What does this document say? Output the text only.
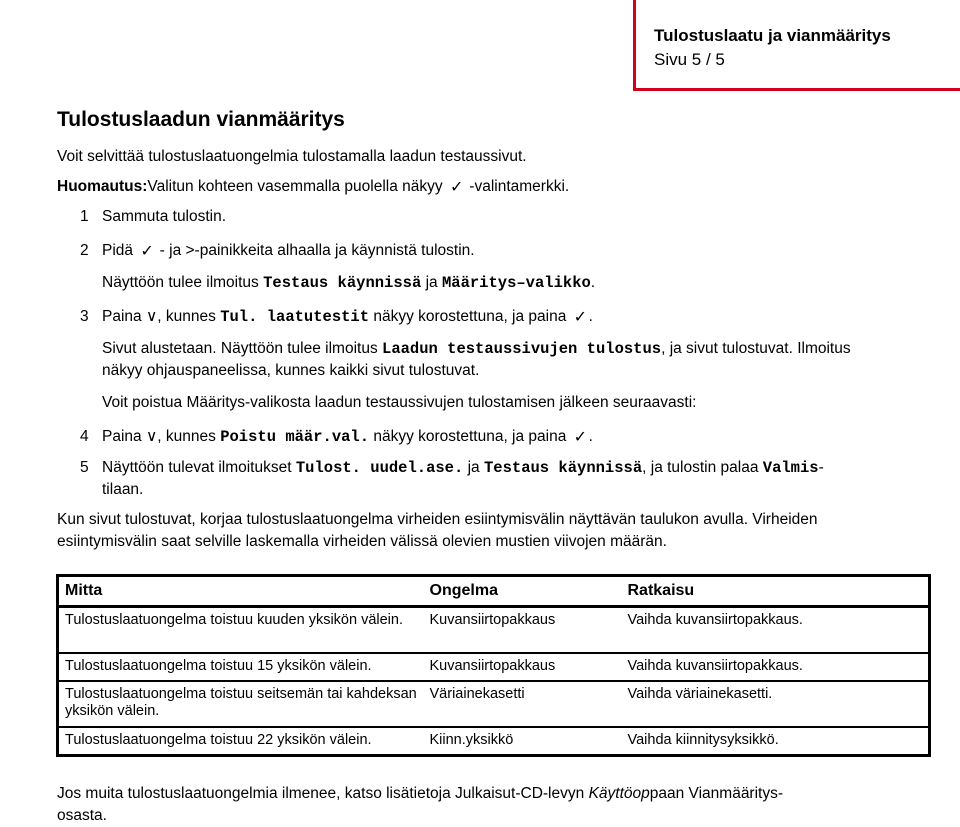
Tulostuslaatu ja vianmääritys
Sivu 5 / 5
Tulostuslaadun vianmääritys
Voit selvittää tulostuslaatuongelmia tulostamalla laadun testaussivut.
Huomautus:Valitun kohteen vasemmalla puolella näkyy ✓ -valintamerkki.
1 Sammuta tulostin.
2 Pidä ✓ - ja >-painikkeita alhaalla ja käynnistä tulostin.
Näyttöön tulee ilmoitus Testaus käynnissä ja Määritys–valikko.
3 Paina ∨, kunnes Tul. laatutestit näkyy korostettuna, ja paina ✓ .
Sivut alustetaan. Näyttöön tulee ilmoitus Laadun testaussivujen tulostus, ja sivut tulostuvat. Ilmoitus
näkyy ohjauspaneelissa, kunnes kaikki sivut tulostuvat.
Voit poistua Määritys-valikosta laadun testaussivujen tulostamisen jälkeen seuraavasti:
4 Paina ∨, kunnes Poistu määr.val. näkyy korostettuna, ja paina ✓ .
5 Näyttöön tulevat ilmoitukset Tulost. uudel.ase. ja Testaus käynnissä, ja tulostin palaa Valmis-
tilaan.
Kun sivut tulostuvat, korjaa tulostuslaatuongelma virheiden esiintymisvälin näyttävän taulukon avulla. Virheiden
esiintymisvälin saat selville laskemalla virheiden välissä olevien mustien viivojen määrän.
Mitta	Ongelma	Ratkaisu
Tulostuslaatuongelma toistuu kuuden yksikön välein.	Kuvansiirtopakkaus	Vaihda kuvansiirtopakkaus.
Tulostuslaatuongelma toistuu 15 yksikön välein.	Kuvansiirtopakkaus	Vaihda kuvansiirtopakkaus.
Tulostuslaatuongelma toistuu seitsemän tai kahdeksan yksikön välein.	Väriainekasetti	Vaihda väriainekasetti.
Tulostuslaatuongelma toistuu 22 yksikön välein.	Kiinn.yksikkö	Vaihda kiinnitysyksikkö.
Jos muita tulostuslaatuongelmia ilmenee, katso lisätietoja Julkaisut-CD-levyn Käyttöoppaan Vianmääritys-
osasta.
